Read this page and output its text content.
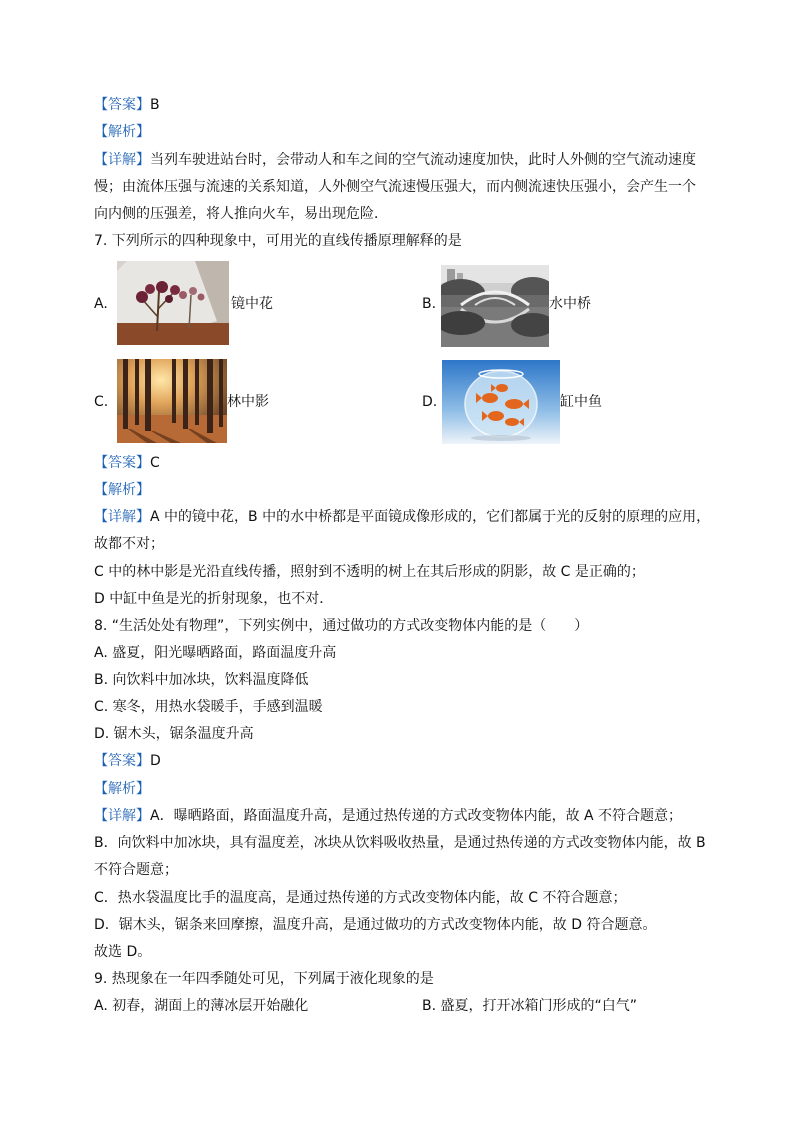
【答案】B
【解析】
【详解】当列车驶进站台时，会带动人和车之间的空气流动速度加快，此时人外侧的空气流动速度
慢；由流体压强与流速的关系知道，人外侧空气流速慢压强大，而内侧流速快压强小，会产生一个
向内侧的压强差，将人推向火车，易出现危险．
7. 下列所示的四种现象中，可用光的直线传播原理解释的是
A.	镜中花	B.	水中桥
C.	林中影	D.	缸中鱼
【答案】C
【解析】
【详解】A 中的镜中花，B 中的水中桥都是平面镜成像形成的，它们都属于光的反射的原理的应用，
故都不对；
C 中的林中影是光沿直线传播，照射到不透明的树上在其后形成的阴影，故 C 是正确的；
D 中缸中鱼是光的折射现象，也不对．
8. “生活处处有物理”，下列实例中，通过做功的方式改变物体内能的是（　　）
A. 盛夏，阳光曝晒路面，路面温度升高
B. 向饮料中加冰块，饮料温度降低
C. 寒冬，用热水袋暖手，手感到温暖
D. 锯木头，锯条温度升高
【答案】D
【解析】
【详解】A．曝晒路面，路面温度升高，是通过热传递的方式改变物体内能，故 A 不符合题意；
B．向饮料中加冰块，具有温度差，冰块从饮料吸收热量，是通过热传递的方式改变物体内能，故 B
不符合题意；
C．热水袋温度比手的温度高，是通过热传递的方式改变物体内能，故 C 不符合题意；
D．锯木头，锯条来回摩擦，温度升高，是通过做功的方式改变物体内能，故 D 符合题意。
故选 D。
9. 热现象在一年四季随处可见，下列属于液化现象的是
A. 初春，湖面上的薄冰层开始融化	B. 盛夏，打开冰箱门形成的“白气”
